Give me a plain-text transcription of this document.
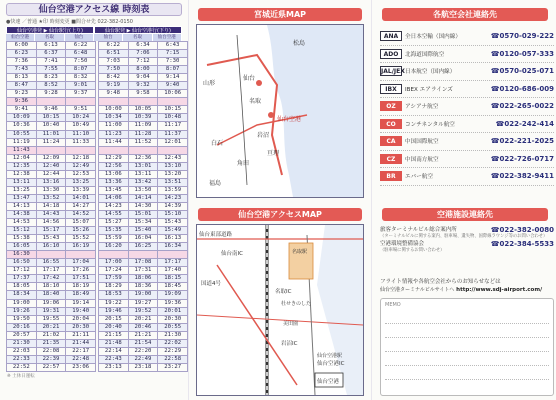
仙台空港アクセス線 時刻表
●快速 ／普通 ★印 時刻変更 ■問合せ先 022-382-0150
仙台空港発 ▶ 仙台駅行(上り)	仙台駅発 ▶ 仙台空港行(下り)
仙台空港	名取	仙台	仙台	名取	仙台空港
6:00	6:13	6:22		6:22	6:34	6:43
6:23	6:37	6:48		6:51	7:06	7:15
7:36	7:41	7:50		7:03	7:12	7:30
7:43	7:55	8:07		7:50	8:00	8:07
8:13	8:23	8:32		8:42	9:04	9:14
8:47	8:52	9:01		9:19	9:32	9:40
9:23	9:28	9:37		9:48	9:58	10:06
9:36						
9:41	9:46	9:51		10:00	10:05	10:15
10:09	10:15	10:24		10:34	10:39	10:48
10:36	10:40	10:49		11:00	11:09	11:17
10:55	11:01	11:10		11:23	11:28	11:37
11:19	11:24	11:33		11:44	11:52	12:01
11:43						
12:04	12:09	12:18		12:29	12:36	12:43
12:35	12:40	12:49		12:56	13:01	13:10
12:38	12:44	12:53		13:06	13:11	13:20
13:11	13:16	13:25		13:36	13:42	13:51
13:25	13:30	13:39		13:45	13:50	13:59
13:47	13:52	14:01		14:06	14:14	14:23
14:13	14:18	14:27		14:23	14:30	14:39
14:38	14:43	14:52		14:55	15:01	15:10
14:53	14:56	15:07		15:27	15:34	15:43
15:12	15:17	15:26		15:35	15:40	15:49
15:38	15:43	15:52		15:59	16:04	16:13
16:05	16:10	16:19		16:20	16:25	16:34
16:30						
16:50	16:55	17:04		17:00	17:08	17:17
17:12	17:17	17:26		17:24	17:31	17:40
17:37	17:42	17:51		17:59	18:06	18:15
18:05	18:10	18:19		18:29	18:36	18:45
18:34	18:40	18:49		18:53	19:00	19:09
19:00	19:06	19:14		19:22	19:27	19:36
19:26	19:31	19:40		19:46	19:52	20:01
19:50	19:55	20:04		20:15	20:21	20:30
20:16	20:21	20:30		20:40	20:46	20:55
20:57	21:02	21:11		21:15	21:21	21:30
21:30	21:35	21:44		21:48	21:54	22:02
22:03	22:08	22:17		22:14	22:20	22:29
22:33	22:39	22:48		22:43	22:49	22:58
22:52	22:57	23:06		23:13	23:18	23:27
※ 土休日運転
宮城近県MAP
松島
仙台
名取
仙台空港
岩沼
白石
角田
山形
福島
亘理
仙台空港アクセスMAP
仙台東部道路
仙台南IC
名取IC
岩沼IC
仙台空港
仙台空港IC
国道4号
名取駅
杜せきのした
美田園
仙台空港駅
各航空会社連絡先
ANA	全日本空輸（国内線）	☎0570-029-222
ADO	北海道国際航空	☎0120-057-333
JAL/JEX 日本航空（国内線）	☎0570-025-071
IBX	IBEX エアラインズ	☎0120-686-009
OZ	アシアナ航空	☎022-265-0022
CO	コンチネンタル航空	☎022-242-414
CA	中国国際航空	☎022-221-2025
CZ	中国南方航空	☎022-726-0717
BR	エバー航空	☎022-382-9411
空港施設連絡先
旅客ターミナルビル総合案内所	☎022-382-0080
（ターミナルビルに関する案内、駐車場、遺失物、国際線ラウンジ等のお問い合わせ）
空港環境整備協会	☎022-384-5533
（駐車場に関するお問い合わせ）
フライト情報や各航空会社からのお知らせなどは
仙台空港ターミナルビルサイトへ http://www.sdj-airport.com/
MEMO
